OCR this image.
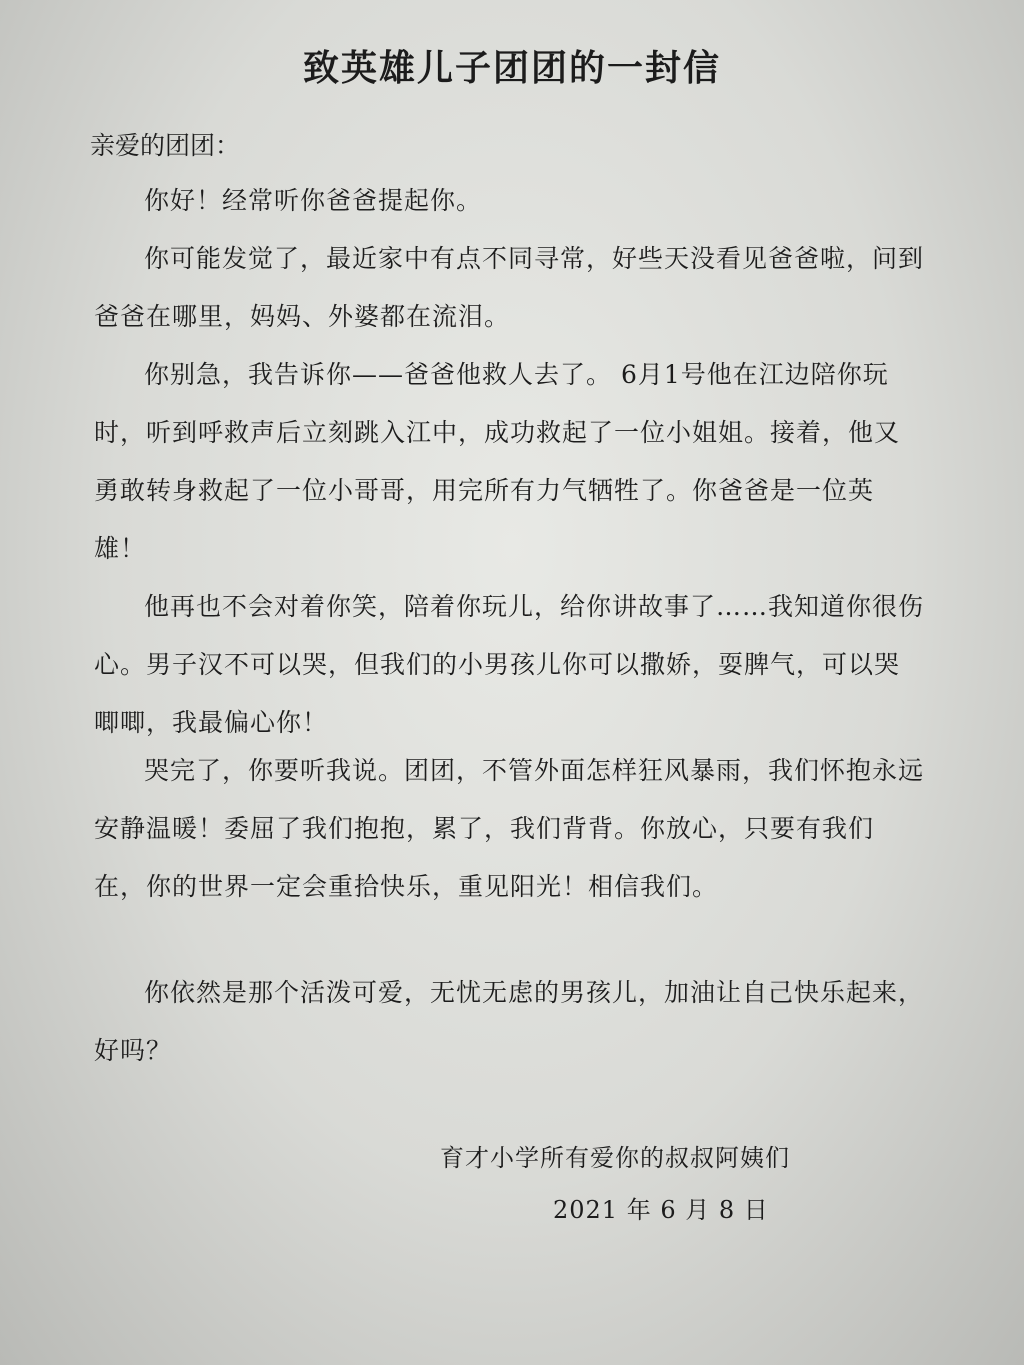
致英雄儿子团团的一封信

亲爱的团团：

你好！经常听你爸爸提起你。

你可能发觉了，最近家中有点不同寻常，好些天没看见爸爸啦，问到爸爸在哪里，妈妈、外婆都在流泪。

你别急，我告诉你——爸爸他救人去了。 6月1号他在江边陪你玩时，听到呼救声后立刻跳入江中，成功救起了一位小姐姐。接着，他又勇敢转身救起了一位小哥哥，用完所有力气牺牲了。你爸爸是一位英雄！

他再也不会对着你笑，陪着你玩儿，给你讲故事了……我知道你很伤心。男子汉不可以哭，但我们的小男孩儿你可以撒娇，耍脾气，可以哭唧唧，我最偏心你！

哭完了，你要听我说。团团，不管外面怎样狂风暴雨，我们怀抱永远安静温暖！委屈了我们抱抱，累了，我们背背。你放心，只要有我们在，你的世界一定会重拾快乐，重见阳光！相信我们。

你依然是那个活泼可爱，无忧无虑的男孩儿，加油让自己快乐起来，好吗？

育才小学所有爱你的叔叔阿姨们

2021 年 6 月 8 日
